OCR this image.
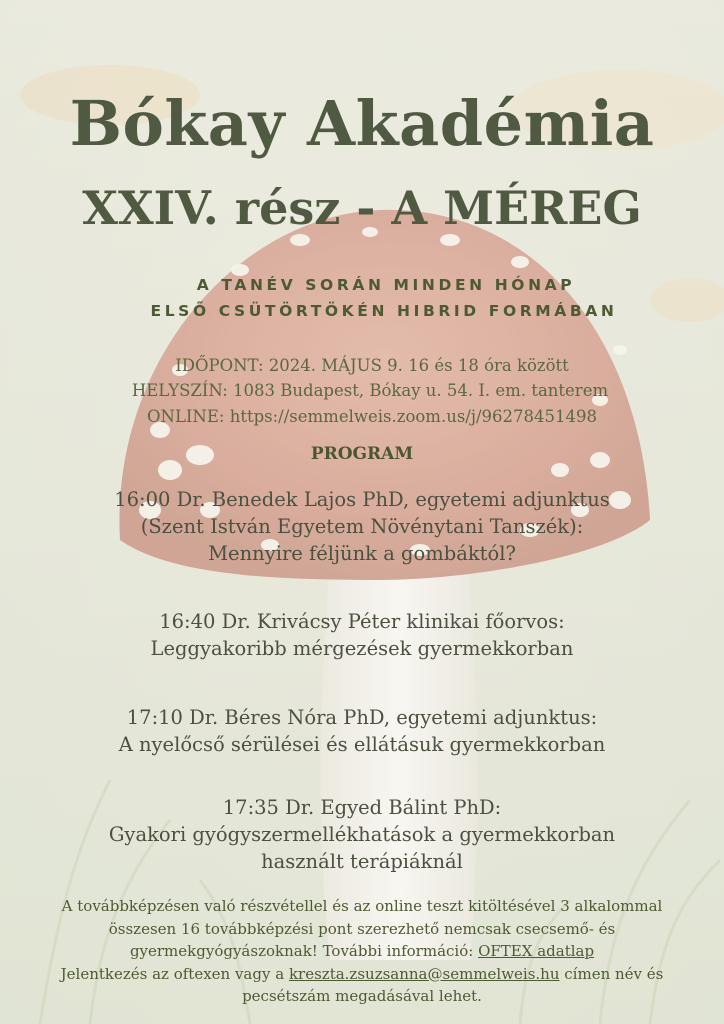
Bókay Akadémia
XXIV. rész - A MÉREG
A TANÉV SORÁN MINDEN HÓNAP
ELSŐ CSÜTÖRTÖKÉN HIBRID FORMÁBAN
IDŐPONT: 2024. MÁJUS 9. 16 és 18 óra között
HELYSZÍN: 1083 Budapest, Bókay u. 54. I. em. tanterem
ONLINE: https://semmelweis.zoom.us/j/96278451498
PROGRAM
16:00 Dr. Benedek Lajos PhD, egyetemi adjunktus
(Szent István Egyetem Növénytani Tanszék):
Mennyire féljünk a gombáktól?
16:40 Dr. Krivácsy Péter klinikai főorvos:
Leggyakoribb mérgezések gyermekkorban
17:10 Dr. Béres Nóra PhD, egyetemi adjunktus:
A nyelőcső sérülései és ellátásuk gyermekkorban
17:35 Dr. Egyed Bálint PhD:
Gyakori gyógyszermellékhatások a gyermekkorban
használt terápiáknál
A továbbképzésen való részvétellel és az online teszt kitöltésével 3 alkalommal
összesen 16 továbbképzési pont szerezhető nemcsak csecsemő- és
gyermekgyógyászoknak! További információ: OFTEX adatlap
Jelentkezés az oftexen vagy a kreszta.zsuzsanna@semmelweis.hu címen név és
pecsétszám megadásával lehet.
